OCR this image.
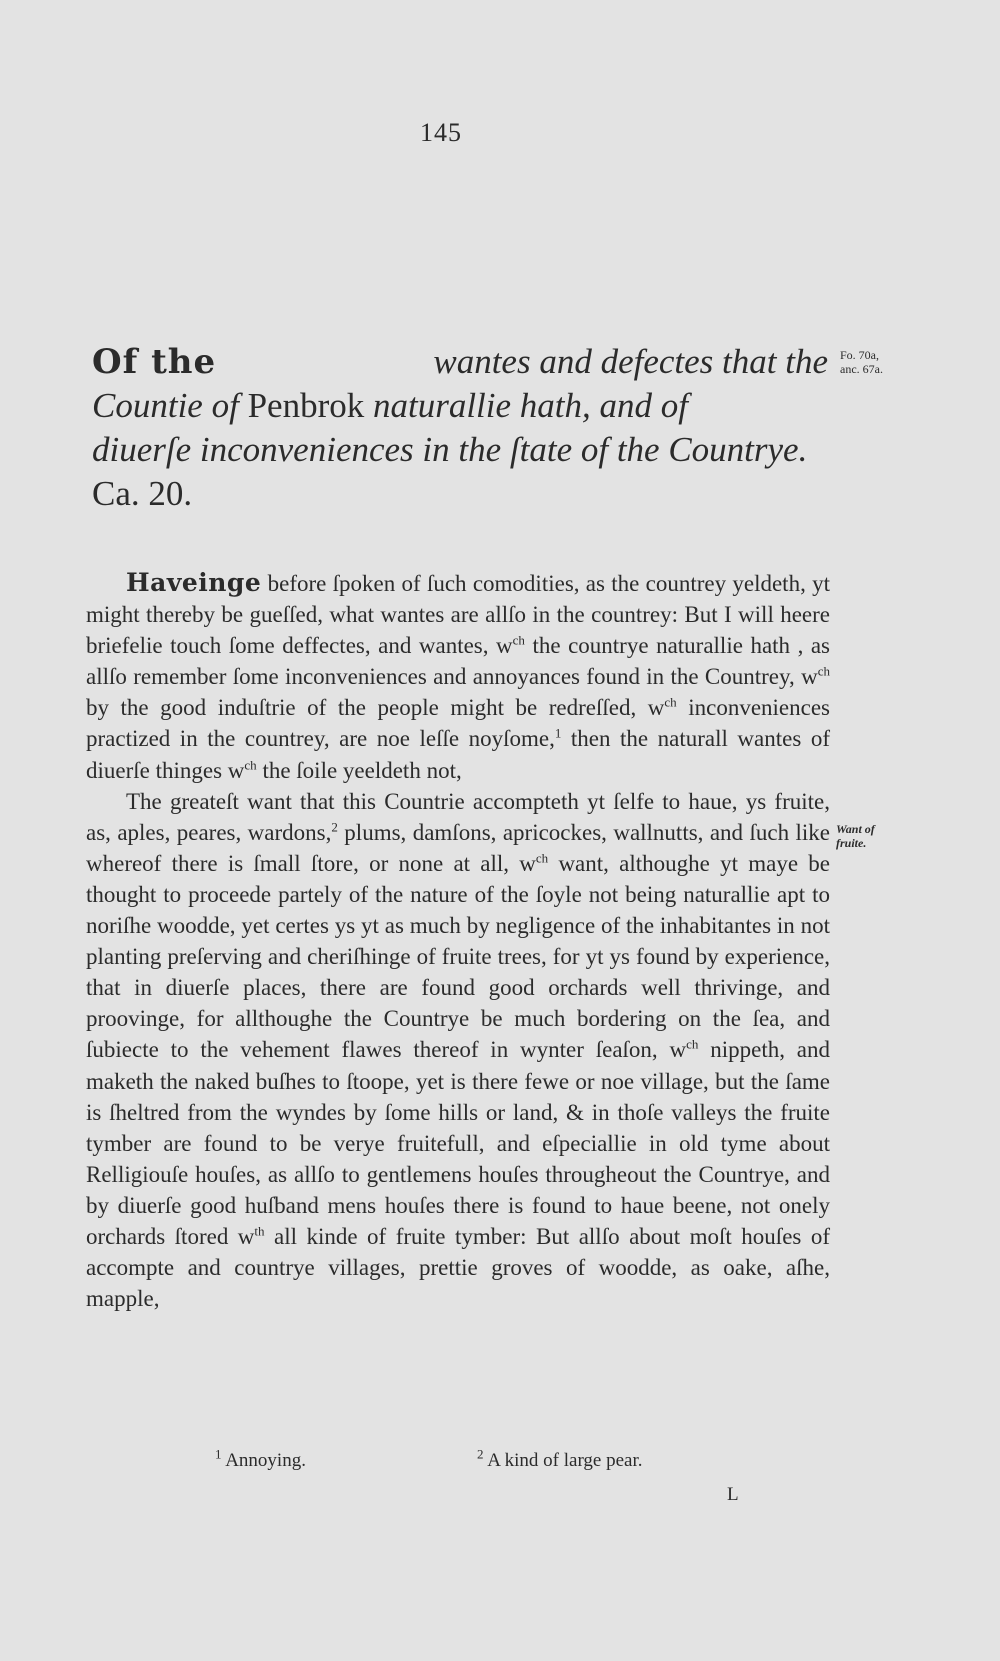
145
Of the	wantes and defectes that the
Countie of Penbrok naturallie hath, and of
diuerſe inconveniences in the ſtate of the Countrye.
Ca. 20.
Fo. 70a,
anc. 67a.
Want of
fruite.

Haveinge before ſpoken of ſuch comodities, as the countrey yeldeth, yt might thereby be gueſſed, what wantes are allſo in the countrey: But I will heere briefelie touch ſome deffectes, and wantes, $w^{ch}$ the countrye naturallie hath , as allſo remember ſome inconveniences and annoyances found in the Countrey, $w^{ch}$ by the good induſtrie of the people might be redreſſed, $w^{ch}$ inconveniences practized in the countrey, are noe leſſe noyſome,$^1$ then the naturall wantes of diuerſe thinges $w^{ch}$ the ſoile yeeldeth not,

The greateſt want that this Countrie accompteth yt ſelfe to haue, ys fruite, as, aples, peares, wardons,$^2$ plums, damſons, apricockes, wallnutts, and ſuch like whereof there is ſmall ſtore, or none at all, $w^{ch}$ want, althoughe yt maye be thought to proceede partely of the nature of the ſoyle not being naturallie apt to noriſhe woodde, yet certes ys yt as much by negligence of the inhabitantes in not planting preſerving and cheriſhinge of fruite trees, for yt ys found by experience, that in diuerſe places, there are found good orchards well thrivinge, and proovinge, for allthoughe the Countrye be much bordering on the ſea, and ſubiecte to the vehement flawes thereof in wynter ſeaſon, $w^{ch}$ nippeth, and maketh the naked buſhes to ſtoope, yet is there fewe or noe village, but the ſame is ſheltred from the wyndes by ſome hills or land, & in thoſe valleys the fruite tymber are found to be verye fruitefull, and eſpeciallie in old tyme about Relligiouſe houſes, as allſo to gentlemens houſes througheout the Countrye, and by diuerſe good huſband mens houſes there is found to haue beene, not onely orchards ſtored $w^{th}$ all kinde of fruite tymber: But allſo about moſt houſes of accompte and countrye villages, prettie groves of woodde, as oake, aſhe, mapple,

$^1$ Annoying.	$^2$ A kind of large pear.
L
